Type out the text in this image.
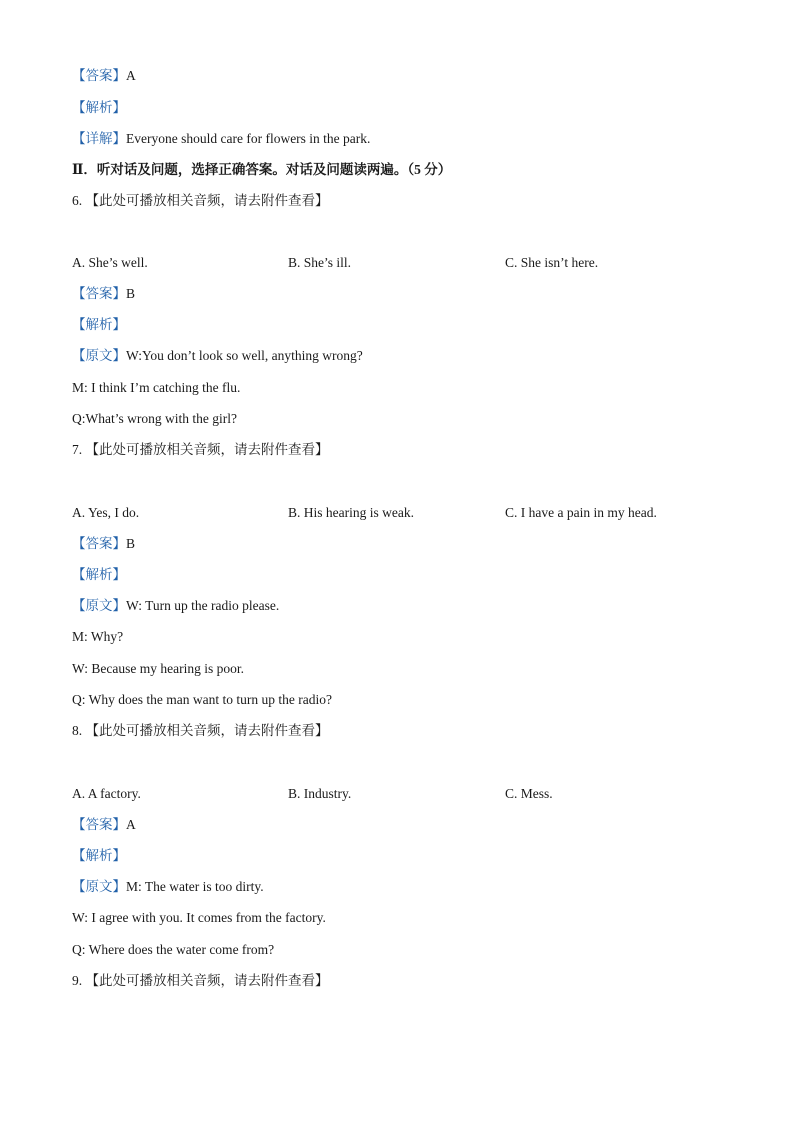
【答案】A
【解析】
【详解】Everyone should care for flowers in the park.
Ⅱ．听对话及问题，选择正确答案。对话及问题读两遍。（5 分）
6. 【此处可播放相关音频，请去附件查看】
A. She’s well.	B. She’s ill.	C. She isn’t here.
【答案】B
【解析】
【原文】W:You don’t look so well, anything wrong?
M: I think I’m catching the flu.
Q:What’s wrong with the girl?
7. 【此处可播放相关音频，请去附件查看】
A. Yes, I do.	B. His hearing is weak.	C. I have a pain in my head.
【答案】B
【解析】
【原文】W: Turn up the radio please.
M: Why?
W: Because my hearing is poor.
Q: Why does the man want to turn up the radio?
8. 【此处可播放相关音频，请去附件查看】
A. A factory.	B. Industry.	C. Mess.
【答案】A
【解析】
【原文】M: The water is too dirty.
W: I agree with you. It comes from the factory.
Q: Where does the water come from?
9. 【此处可播放相关音频，请去附件查看】
